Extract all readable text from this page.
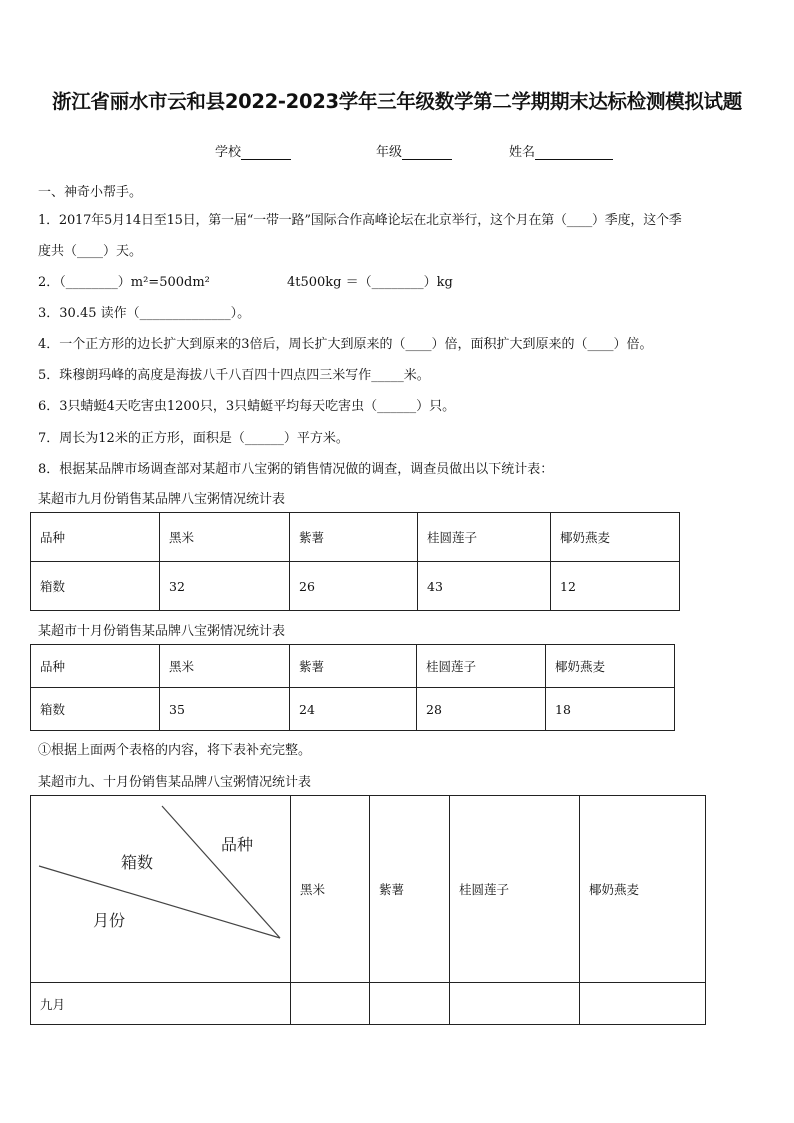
浙江省丽水市云和县2022-2023学年三年级数学第二学期期末达标检测模拟试题
学校	年级	姓名
一、神奇小帮手。
1．2017年5月14日至15日，第一届“一带一路”国际合作高峰论坛在北京举行，这个月在第（____）季度，这个季
度共（____）天。
2．（________）m²=500dm²	4t500kg ＝（________）kg
3．30.45 读作（______________）。
4．一个正方形的边长扩大到原来的3倍后，周长扩大到原来的（____）倍，面积扩大到原来的（____）倍。
5．珠穆朗玛峰的高度是海拔八千八百四十四点四三米写作_____米。
6．3只蜻蜓4天吃害虫1200只，3只蜻蜓平均每天吃害虫（______）只。
7．周长为12米的正方形，面积是（______）平方米。
8．根据某品牌市场调查部对某超市八宝粥的销售情况做的调查，调查员做出以下统计表：
某超市九月份销售某品牌八宝粥情况统计表
品种	黑米	紫薯	桂圆莲子	椰奶燕麦
箱数	32	26	43	12
某超市十月份销售某品牌八宝粥情况统计表
品种	黑米	紫薯	桂圆莲子	椰奶燕麦
箱数	35	24	28	18
①根据上面两个表格的内容，将下表补充完整。
某超市九、十月份销售某品牌八宝粥情况统计表
品种
箱数
月份	黑米	紫薯	桂圆莲子	椰奶燕麦
九月				
